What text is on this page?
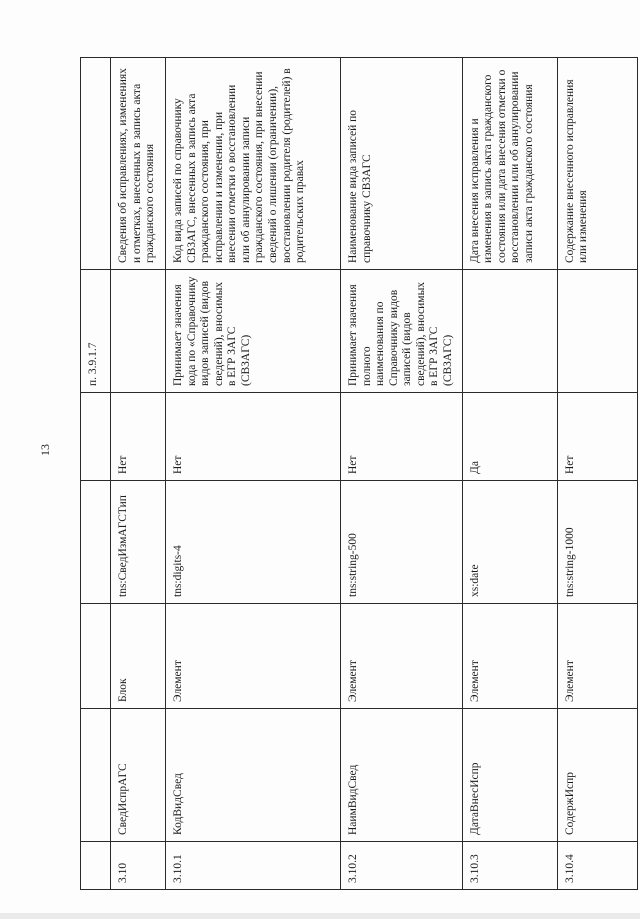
13
					п. 3.9.1.7	
3.10	СведИспрАГС	Блок	tns:СведИзмАГСТип	Нет		Сведения об исправлениях, изменениях и отметках, внесенных в запись акта гражданского состояния
3.10.1	КодВидСвед	Элемент	tns:digits-4	Нет	Принимает значения кода по «Справочнику видов записей (видов сведений), вносимых в ЕГР ЗАГС (СВЗАГС)	Код вида записей по справочнику СВЗАГС, внесенных в запись акта гражданского состояния, при исправлении и изменении, при внесении отметки о восстановлении или об аннулировании записи гражданского состояния, при внесении сведений о лишении (ограничении), восстановлении родителя (родителей) в родительских правах
3.10.2	НаимВидСвед	Элемент	tns:string-500	Нет	Принимает значения полного наименования по Справочнику видов записей (видов сведений), вносимых в ЕГР ЗАГС (СВЗАГС)	Наименование вида записей по справочнику СВЗАГС
3.10.3	ДатаВнесИспр	Элемент	xs:date	Да		Дата внесения исправления и изменения в запись акта гражданского состояния или дата внесения отметки о восстановлении или об аннулировании записи акта гражданского состояния
3.10.4	СодержИспр	Элемент	tns:string-1000	Нет		Содержание внесенного исправления или изменения
